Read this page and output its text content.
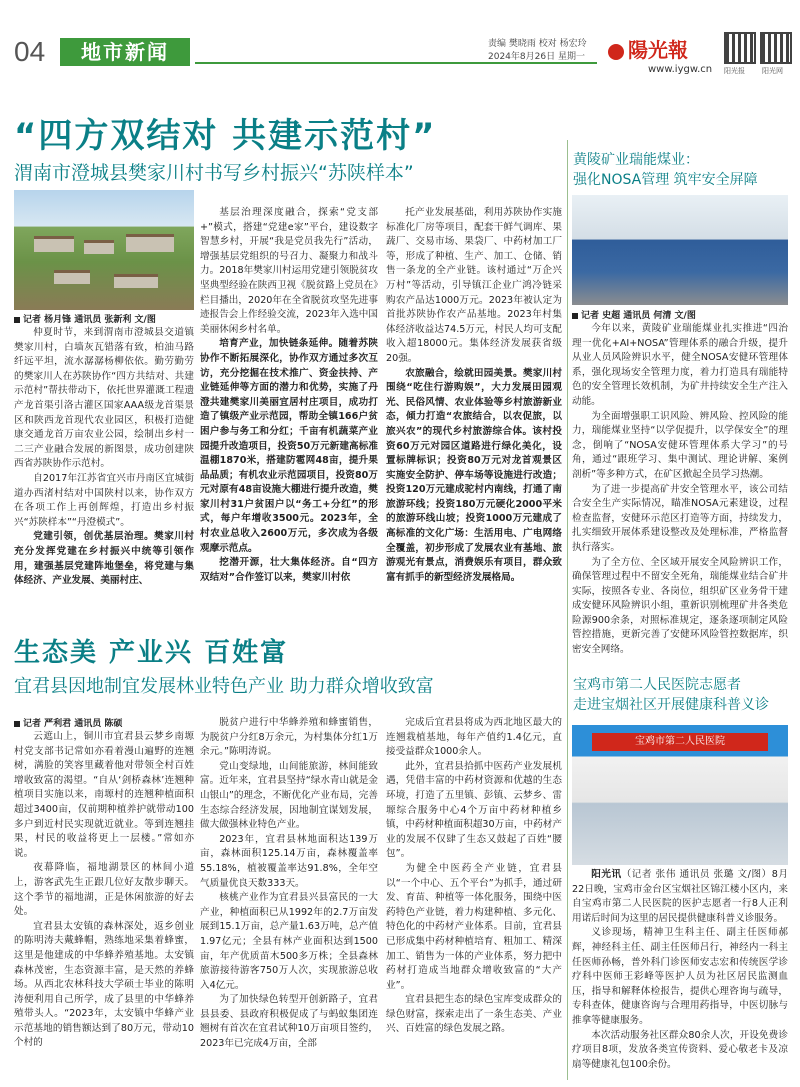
04	地市新闻	责编 樊晓雨 校对 杨宏玲
2024年8月26日 星期一	陽光報
www.iygw.cn 阳光报 阳光网
“四方双结对 共建示范村”
渭南市澄城县樊家川村书写乡村振兴“苏陕样本”
记者 杨月锋 通讯员 张新利 文/图

仲夏时节，来到渭南市澄城县交道镇樊家川村，白墙灰瓦错落有致，柏油马路纤远平坦，流水潺潺杨柳依依。勤劳勤劳的樊家川人在苏陕协作“四方共结对、共建示范村”帮扶带动下，依托世界灌溉工程遗产龙首渠引洛古灌区国家AAA级龙首渠景区和陕西龙首现代农业园区，积极打造健康交通龙首万亩农业公园，绘制出乡村一二三产业融合发展的新图景，成功创建陕西省苏陕协作示范村。

自2017年江苏省宜兴市丹南区宜城街道办西渚村结对中国陕村以来，协作双方在各项工作上再创辉煌，打造出乡村振兴“苏陕样本”“丹澄模式”。

党建引领，创优基层治理。樊家川村充分发挥党建在乡村振兴中统等引领作用，建强基层党建阵地堡垒，将党建与集体经济、产业发展、美丽村庄、

基层治理深度融合，探索“党支部+”模式，搭建“党建e家”平台，建设数字智慧乡村，开展“我是党员我先行”活动，增强基层党组织的号召力、凝聚力和战斗力。2018年樊家川村运用党建引领脱贫攻坚典型经验在陕西卫视《脱贫路上党员在》栏目播出，2020年在全省脱贫攻坚先进事迹报告会上作经验交流，2023年入选中国美丽休闲乡村名单。

培育产业，加快链条延伸。随着苏陕协作不断拓展深化，协作双方通过多次互访，充分挖掘在技术推广、资金扶持、产业链延伸等方面的潜力和优势，实施了丹澄共建樊家川美丽宜居村庄项目，成功打造了镇级产业示范园，帮助全镇166户贫困户参与务工和分红；千亩有机蔬菜产业园提升改造项目，投资50万元新建高标准温棚1870米，搭建防雹网48亩，提升果品品质；有机农业示范园项目，投资80万元对原有48亩设施大棚进行提升改造，樊家川村31户贫困户以“务工+分红”的形式，每户年增收3500元。2023年，全村农业总收入2600万元，多次成为各级观摩示范点。

挖潜开源，壮大集体经济。自“四方双结对”合作签订以来，樊家川村依

托产业发展基础，利用苏陕协作实施标准化厂房等项目，配套干鲜气调库、果蔬厂、交易市场、果袋厂、中药材加工厂等，形成了种植、生产、加工、仓储、销售一条龙的全产业链。该村通过“万企兴万村”等活动，引导镇江企业广鸿冷链采购农产品达1000万元。2023年被认定为首批苏陕协作农产品基地。2023年村集体经济收益达74.5万元，村民人均可支配收入超18000元。集体经济发展获省级20强。

农旅融合，绘就田园美景。樊家川村围绕“吃住行游购娱”，大力发展田园观光、民俗风情、农业体验等乡村旅游新业态，倾力打造“农旅结合，以农促旅，以旅兴农”的现代乡村旅游综合体。该村投资60万元对园区道路进行绿化美化，设置标牌标识；投资80万元对龙首观景区实施安全防护、停车场等设施进行改造；投资120万元建成驼村内南线，打通了南旅游环线；投资180万元硬化2000平米的旅游环线山坡；投资1000万元建成了高标准的文化广场：生活用电、广电网络全覆盖，初步形成了发展农业有基地、旅游观光有景点，消费娱乐有项目，群众致富有抓手的新型经济发展格局。

生态美 产业兴 百姓富
宜君县因地制宜发展林业特色产业 助力群众增收致富
记者 严利君 通讯员 陈硕

云遮山上，铜川市宜君县云梦乡南塬村党支部书记常如亦看着漫山遍野的连翘树，满脸的笑容里藏着他对带领全村百姓增收致富的渴望。“自从‘剑桥森林’连翘种植项目实施以来，南塬村的连翘种植面积超过3400亩，仅前期种植养护就带动100多户到近村民实现就近就业。等到连翘挂果，村民的收益将更上一层楼。”常如亦说。

夜幕降临，福地湖景区的林间小道上，游客武先生正跟几位好友散步聊天。这个季节的福地湖，正是休闲旅游的好去处。

宜君县太安镇的森林深处，返乡创业的陈明涛夫戴蜂帽，熟练地采集着蜂蜜，这里是他建成的中华蜂养殖基地。太安镇森林茂密，生态资源丰富，是天然的养蜂场。从西北农林科技大学硕士毕业的陈明涛便利用自己所学，成了县里的中华蜂养殖带头人。“2023年，太安镇中华蜂产业示范基地的销售额达到了80万元，带动10个村的

脱贫户进行中华蜂养殖和蜂蜜销售，为脱贫户分红8万余元，为村集体分红1万余元。”陈明涛说。

党山变绿地，山间能旅游，林间能致富。近年来，宜君县坚持“绿水青山就是金山银山”的理念，不断优化产业布局，完善生态综合经济发展，因地制宜谋划发展，做大做强林业特色产业。

2023年，宜君县林地面积达139万亩，森林面积125.14万亩，森林覆盖率55.18%，植被覆盖率达91.8%，全年空气质量优良天数333天。

核桃产业作为宜君县兴县富民的一大产业，种植面积已从1992年的2.7万亩发展到15.1万亩，总产量1.63万吨，总产值1.97亿元；全县有林产业面积达到1500亩，年产优质苗木500多万株；全县森林旅游接待游客750万人次，实现旅游总收入4亿元。

为了加快绿色转型开创新路子，宜君县县委、县政府积极促成了与蚂蚁集团连翘树有首次在宜君试种10万亩项目签约，2023年已完成4万亩，全部

完成后宜君县将成为西北地区最大的连翘栽植基地，每年产值约1.4亿元，直接受益群众1000余人。

此外，宜君县拾抓中医药产业发展机遇，凭借丰富的中药材资源和优越的生态环境，打造了五里镇、彭镇、云梦乡、雷塬综合服务中心4个万亩中药材种植乡镇，中药材种植面积超30万亩，中药材产业的发展不仅肆了生态又鼓起了百姓“腰包”。

为健全中医药全产业链，宜君县以“一个中心、五个平台”为抓手，通过研发、育苗、种植等一体化服务，围绕中医药特色产业链，着力构建种植、多元化、特色化的中药材产业体系。目前，宜君县已形成集中药材种植培育、粗加工、精深加工、销售为一体的产业体系，努力把中药材打造成当地群众增收致富的“大产业”。

宜君县把生态的绿色宝库变成群众的绿色财富，探索走出了一条生态美、产业兴、百姓富的绿色发展之路。

黄陵矿业瑞能煤业：
强化NOSA管理 筑牢安全屏障
记者 史超 通讯员 何清 文/图

今年以来，黄陵矿业瑞能煤业扎实推进“四治理一优化+AI+NOSA”管理体系的融合升级，提升从业人员风险辨识水平，健全NOSA安健环管理体系，强化现场安全管理力度，着力打造具有瑞能特色的安全管理长效机制，为矿井持续安全生产注入动能。

为全面增强职工识风险、辨风险、控风险的能力，瑞能煤业坚持“以学促提升，以学保安全”的理念，倒响了“NOSA安健环管理体系大学习”的号角，通过“跟班学习、集中测试、理论讲解、案例剖析”等多种方式，在矿区掀起全员学习热潮。

为了进一步提高矿井安全管理水平，该公司结合安全生产实际情况，瞄准NOSA元素建设，过程检查监督，安健环示范区打造等方面，持续发力，扎实细致开展体系建设整改及处理标准，严格监督执行落实。

为了全方位、全区域开展安全风险辨识工作，确保管理过程中不留安全死角，瑞能煤业结合矿井实际，按照各专业、各岗位，组织矿区业务骨干建成安健环风险辨识小组，重新识别梳理矿井各类危险源900余条，对照标准规定，逐条逐项制定风险管控措施，更新完善了安健环风险管控数据库，织密安全网络。

宝鸡市第二人民医院志愿者
走进宝烟社区开展健康科普义诊
宝鸡市第二人民医院

阳光讯（记者 张伟 通讯员 张璐 文/图）8月22日晚，宝鸡市金台区宝烟社区锦江楼小区内，来自宝鸡市第二人民医院的医护志愿者一行8人正利用诺后时间为这里的居民提供健康科普义诊服务。

义诊现场，精神卫生科主任、副主任医师郝辉，神经科主任、副主任医师吕行，神经内一科主任医师孙畅，普外科门诊医师安志宏和传统医学诊疗科中医师王彩峰等医护人员为社区居民监测血压，指导和解释体检报告，提供心理咨询与疏导，专科查体，健康咨询与合理用药指导，中医切脉与推拿等健康服务。

本次活动服务社区群众80余人次，开设免费诊疗项目8项，发放各类宣传资料、爱心敬老卡及凉扇等健康礼包100余份。
